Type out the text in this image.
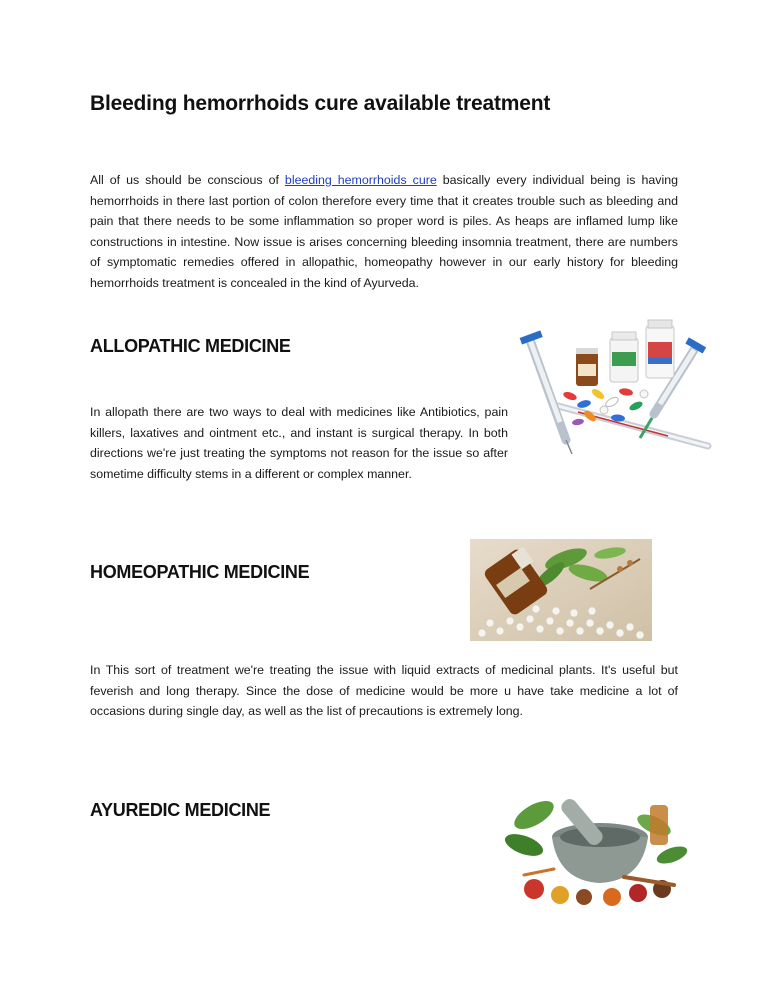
Bleeding hemorrhoids cure available treatment

All of us should be conscious of bleeding hemorrhoids cure basically every individual being is having hemorrhoids in there last portion of colon therefore every time that it creates trouble such as bleeding and pain that there needs to be some inflammation so proper word is piles. As heaps are inflamed lump like constructions in intestine. Now issue is arises concerning bleeding insomnia treatment, there are numbers of symptomatic remedies offered in allopathic, homeopathy however in our early history for bleeding hemorrhoids treatment is concealed in the kind of Ayurveda.

ALLOPATHIC MEDICINE

In allopath there are two ways to deal with medicines like Antibiotics, pain killers, laxatives and ointment etc., and instant is surgical therapy. In both directions we're just treating the symptoms not reason for the issue so after sometime difficulty stems in a different or complex manner.

HOMEOPATHIC MEDICINE

In This sort of treatment we're treating the issue with liquid extracts of medicinal plants. It's useful but feverish and long therapy. Since the dose of medicine would be more u have take medicine a lot of occasions during single day, as well as the list of precautions is extremely long.

AYUREDIC MEDICINE
